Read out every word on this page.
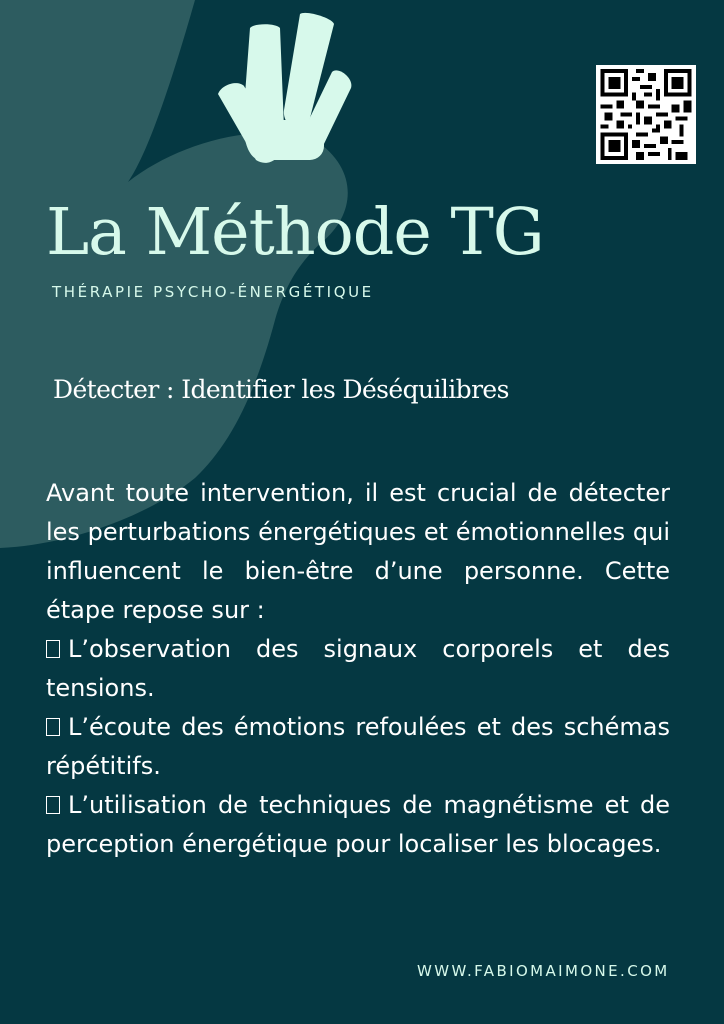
La Méthode TG

THÉRAPIE PSYCHO-ÉNERGÉTIQUE

Détecter : Identifier les Déséquilibres
Avant toute intervention, il est crucial de détecter les perturbations énergétiques et émotionnelles qui influencent le bien-être d’une personne. Cette étape repose sur :
L’observation des signaux corporels et des tensions.
L’écoute des émotions refoulées et des schémas répétitifs.
L’utilisation de techniques de magnétisme et de perception énergétique pour localiser les blocages.

WWW.FABIOMAIMONE.COM
